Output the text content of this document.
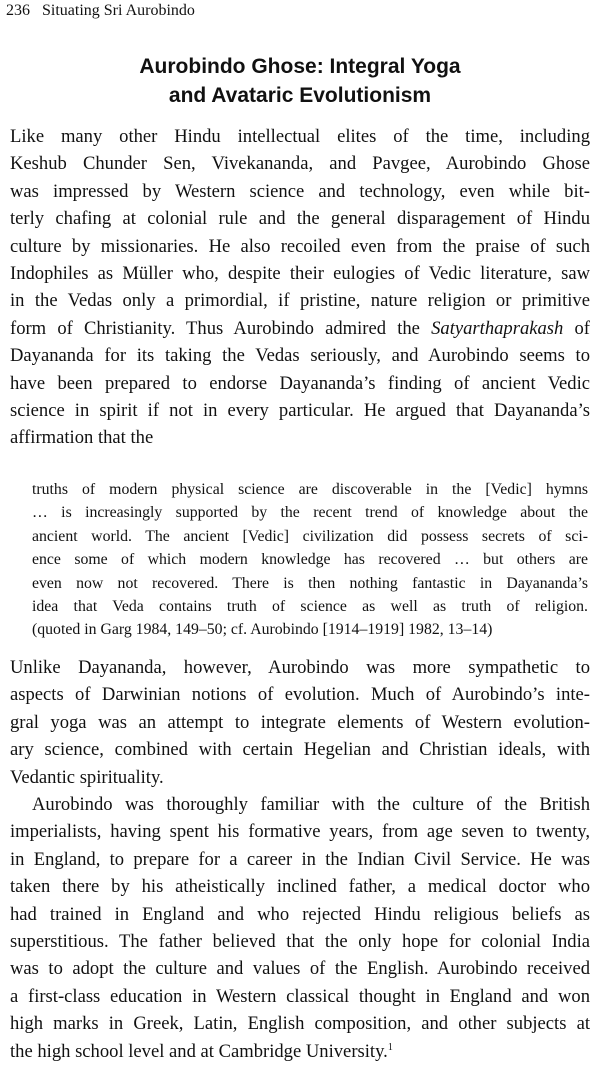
236 Situating Sri Aurobindo
Aurobindo Ghose: Integral Yoga
and Avataric Evolutionism
Like many other Hindu intellectual elites of the time, including
Keshub Chunder Sen, Vivekananda, and Pavgee, Aurobindo Ghose
was impressed by Western science and technology, even while bit-
terly chafing at colonial rule and the general disparagement of Hindu
culture by missionaries. He also recoiled even from the praise of such
Indophiles as Müller who, despite their eulogies of Vedic literature, saw
in the Vedas only a primordial, if pristine, nature religion or primitive
form of Christianity. Thus Aurobindo admired the Satyarthaprakash of
Dayananda for its taking the Vedas seriously, and Aurobindo seems to
have been prepared to endorse Dayananda’s finding of ancient Vedic
science in spirit if not in every particular. He argued that Dayananda’s
affirmation that the
truths of modern physical science are discoverable in the [Vedic] hymns
… is increasingly supported by the recent trend of knowledge about the
ancient world. The ancient [Vedic] civilization did possess secrets of sci-
ence some of which modern knowledge has recovered … but others are
even now not recovered. There is then nothing fantastic in Dayananda’s
idea that Veda contains truth of science as well as truth of religion.
(quoted in Garg 1984, 149–50; cf. Aurobindo [1914–1919] 1982, 13–14)
Unlike Dayananda, however, Aurobindo was more sympathetic to
aspects of Darwinian notions of evolution. Much of Aurobindo’s inte-
gral yoga was an attempt to integrate elements of Western evolution-
ary science, combined with certain Hegelian and Christian ideals, with
Vedantic spirituality.
Aurobindo was thoroughly familiar with the culture of the British
imperialists, having spent his formative years, from age seven to twenty,
in England, to prepare for a career in the Indian Civil Service. He was
taken there by his atheistically inclined father, a medical doctor who
had trained in England and who rejected Hindu religious beliefs as
superstitious. The father believed that the only hope for colonial India
was to adopt the culture and values of the English. Aurobindo received
a first-class education in Western classical thought in England and won
high marks in Greek, Latin, English composition, and other subjects at
the high school level and at Cambridge University.$^1$
